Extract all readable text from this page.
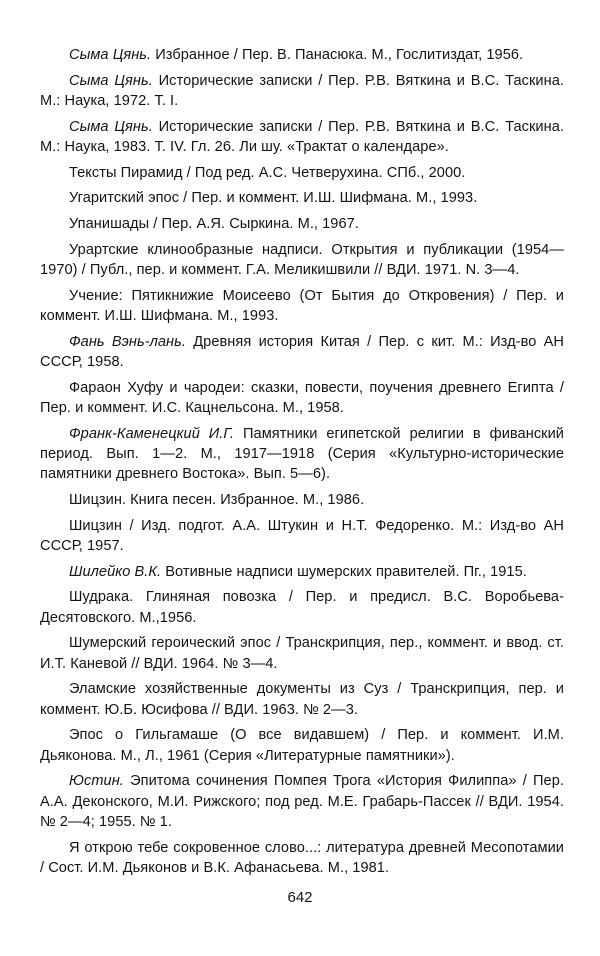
Сыма Цянь. Избранное / Пер. В. Панасюка. М., Гослитиздат, 1956.

Сыма Цянь. Исторические записки / Пер. Р.В. Вяткина и В.С. Таскина. М.: Наука, 1972. Т. I.

Сыма Цянь. Исторические записки / Пер. Р.В. Вяткина и В.С. Таскина. М.: Наука, 1983. Т. IV. Гл. 26. Ли шу. «Трактат о календаре».

Тексты Пирамид / Под ред. А.С. Четверухина. СПб., 2000.

Угаритский эпос / Пер. и коммент. И.Ш. Шифмана. М., 1993.

Упанишады / Пер. А.Я. Сыркина. М., 1967.

Урартские клинообразные надписи. Открытия и публикации (1954—1970) / Публ., пер. и коммент. Г.А. Меликишвили // ВДИ. 1971. N. 3—4.

Учение: Пятикнижие Моисеево (От Бытия до Откровения) / Пер. и коммент. И.Ш. Шифмана. М., 1993.

Фань Вэнь-лань. Древняя история Китая / Пер. с кит. М.: Изд-во АН СССР, 1958.

Фараон Хуфу и чародеи: сказки, повести, поучения древнего Египта / Пер. и коммент. И.С. Кацнельсона. М., 1958.

Франк-Каменецкий И.Г. Памятники египетской религии в фиванский период. Вып. 1—2. М., 1917—1918 (Серия «Культурно-исторические памятники древнего Востока». Вып. 5—6).

Шицзин. Книга песен. Избранное. М., 1986.

Шицзин / Изд. подгот. А.А. Штукин и Н.Т. Федоренко. М.: Изд-во АН СССР, 1957.

Шилейко В.К. Вотивные надписи шумерских правителей. Пг., 1915.

Шудрака. Глиняная повозка / Пер. и предисл. В.С. Воробьева-Десятовского. М.,1956.

Шумерский героический эпос / Транскрипция, пер., коммент. и ввод. ст. И.Т. Каневой // ВДИ. 1964. № 3—4.

Эламские хозяйственные документы из Суз / Транскрипция, пер. и коммент. Ю.Б. Юсифова // ВДИ. 1963. № 2—3.

Эпос о Гильгамаше (О все видавшем) / Пер. и коммент. И.М. Дьяконова. М., Л., 1961 (Серия «Литературные памятники»).

Юстин. Эпитома сочинения Помпея Трога «История Филиппа» / Пер. А.А. Деконского, М.И. Рижского; под ред. М.Е. Грабарь-Пассек // ВДИ. 1954. № 2—4; 1955. № 1.

Я открою тебе сокровенное слово...: литература древней Месопотамии / Сост. И.М. Дьяконов и В.К. Афанасьева. М., 1981.

642
